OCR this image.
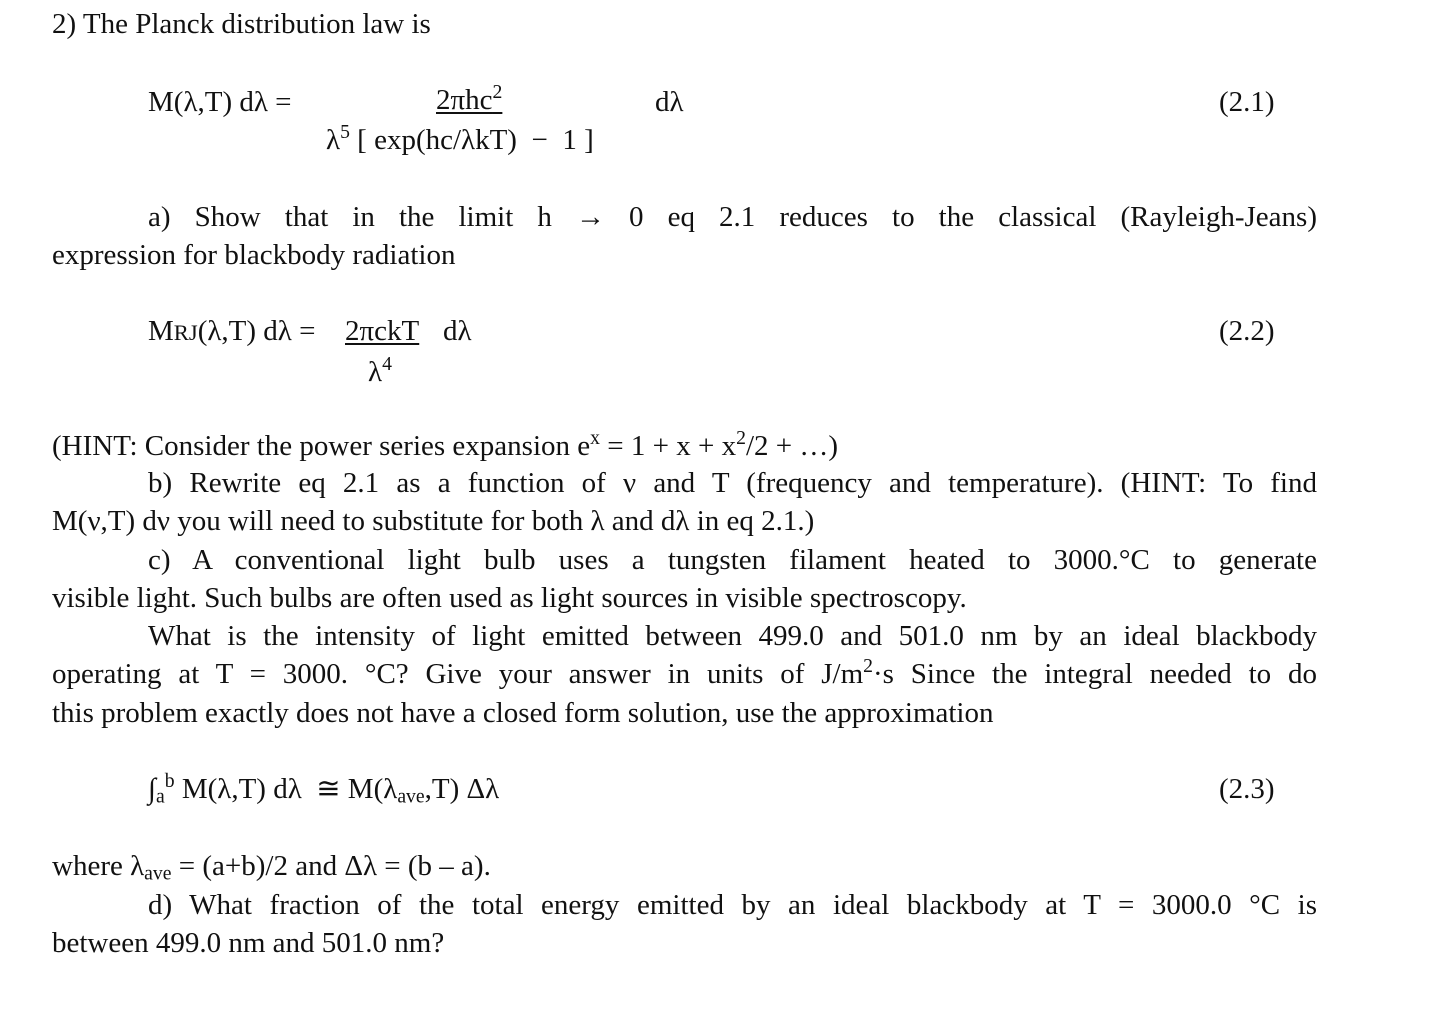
2) The Planck distribution law is
M(λ,T) dλ =	2πhc$^2$	dλ	(2.1)
$\lambda^5$ [ exp(hc/λkT)  −  1 ]
a) Show that in the limit h → 0 eq 2.1 reduces to the classical (Rayleigh-Jeans)
expression for blackbody radiation
MRJ(λ,T) dλ = 2πckT dλ	(2.2)
$\lambda^4$
(HINT: Consider the power series expansion $e^x = 1 + x + x^2/2$ + …)
b) Rewrite eq 2.1 as a function of ν and T (frequency and temperature). (HINT: To find
M(ν,T) dν you will need to substitute for both λ and dλ in eq 2.1.)
c) A conventional light bulb uses a tungsten filament heated to 3000.°C to generate
visible light. Such bulbs are often used as light sources in visible spectroscopy.
What is the intensity of light emitted between 499.0 and 501.0 nm by an ideal blackbody
operating at T = 3000. °C? Give your answer in units of $J/m^2\cdot s$ Since the integral needed to do
this problem exactly does not have a closed form solution, use the approximation
$\int_a^b$ M(λ,T) dλ  ≅ $M(\lambda_{ave},T)$ Δλ	(2.3)
where $\lambda_{ave} = (a+b)/2$ and Δλ = (b – a).
d) What fraction of the total energy emitted by an ideal blackbody at T = 3000.0 °C is
between 499.0 nm and 501.0 nm?
